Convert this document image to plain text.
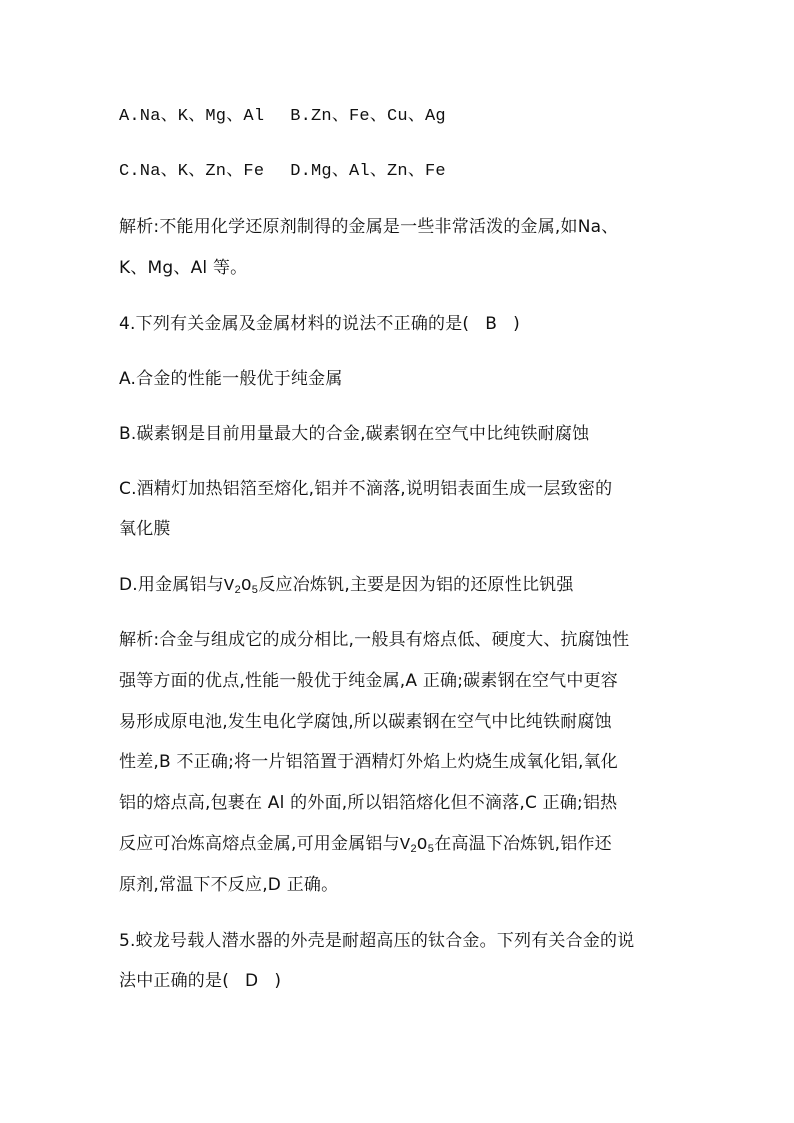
A.Na、K、Mg、Al B.Zn、Fe、Cu、Ag
C.Na、K、Zn、Fe D.Mg、Al、Zn、Fe
解析:不能用化学还原剂制得的金属是一些非常活泼的金属,如Na、
K、Mg、Al 等。
4.下列有关金属及金属材料的说法不正确的是( B )
A.合金的性能一般优于纯金属
B.碳素钢是目前用量最大的合金,碳素钢在空气中比纯铁耐腐蚀
C.酒精灯加热铝箔至熔化,铝并不滴落,说明铝表面生成一层致密的
氧化膜
D.用金属铝与$V_2O_5$反应冶炼钒,主要是因为铝的还原性比钒强
解析:合金与组成它的成分相比,一般具有熔点低、硬度大、抗腐蚀性
强等方面的优点,性能一般优于纯金属,A 正确;碳素钢在空气中更容
易形成原电池,发生电化学腐蚀,所以碳素钢在空气中比纯铁耐腐蚀
性差,B 不正确;将一片铝箔置于酒精灯外焰上灼烧生成氧化铝,氧化
铝的熔点高,包裹在 Al 的外面,所以铝箔熔化但不滴落,C 正确;铝热
反应可冶炼高熔点金属,可用金属铝与$V_2O_5$在高温下冶炼钒,铝作还
原剂,常温下不反应,D 正确。
5.蛟龙号载人潜水器的外壳是耐超高压的钛合金。下列有关合金的说
法中正确的是( D )
